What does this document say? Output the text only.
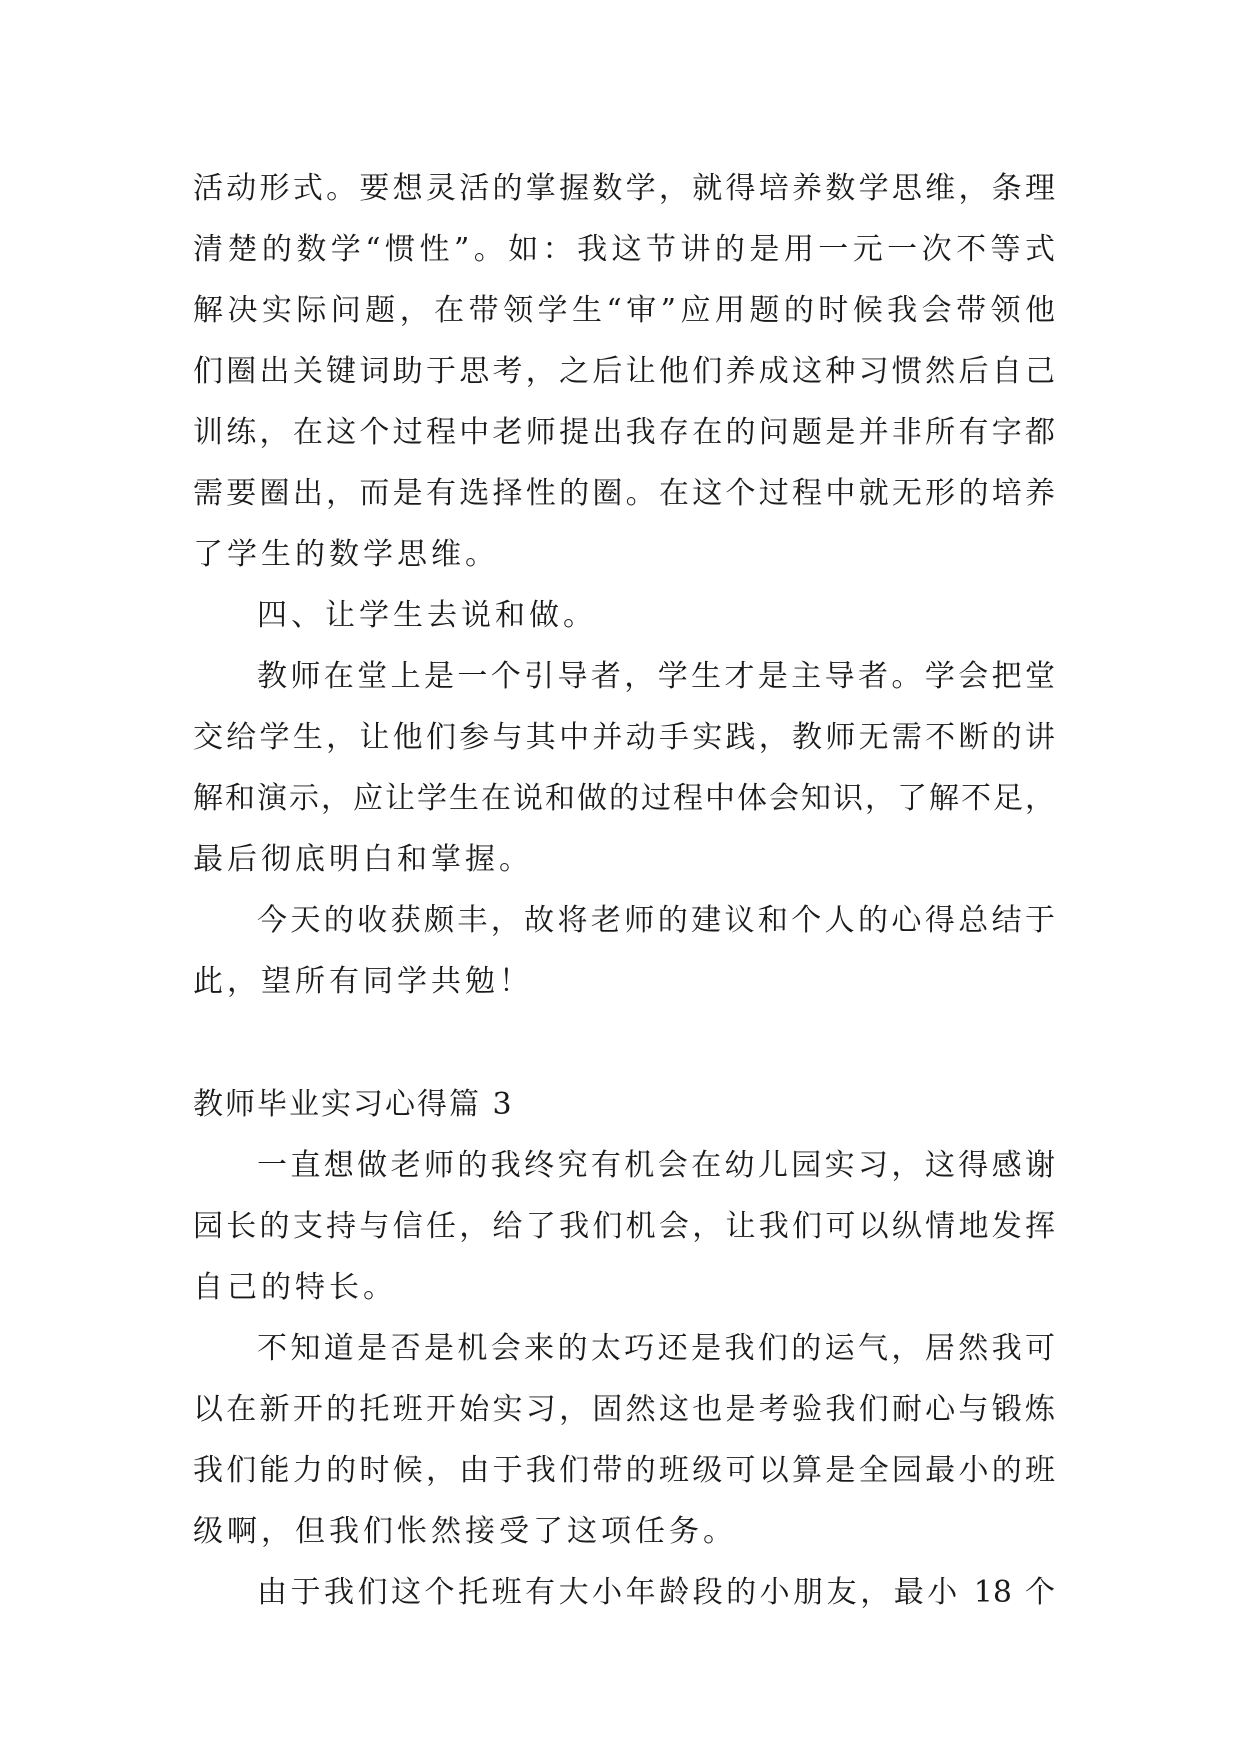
活动形式。要想灵活的掌握数学，就得培养数学思维，条理
清楚的数学“惯性”。如：我这节讲的是用一元一次不等式
解决实际问题，在带领学生“审”应用题的时候我会带领他
们圈出关键词助于思考，之后让他们养成这种习惯然后自己
训练，在这个过程中老师提出我存在的问题是并非所有字都
需要圈出，而是有选择性的圈。在这个过程中就无形的培养
了学生的数学思维。
四、让学生去说和做。
教师在堂上是一个引导者，学生才是主导者。学会把堂
交给学生，让他们参与其中并动手实践，教师无需不断的讲
解和演示，应让学生在说和做的过程中体会知识，了解不足，
最后彻底明白和掌握。
今天的收获颇丰，故将老师的建议和个人的心得总结于
此，望所有同学共勉！
教师毕业实习心得篇 3
一直想做老师的我终究有机会在幼儿园实习，这得感谢
园长的支持与信任，给了我们机会，让我们可以纵情地发挥
自己的特长。
不知道是否是机会来的太巧还是我们的运气，居然我可
以在新开的托班开始实习，固然这也是考验我们耐心与锻炼
我们能力的时候，由于我们带的班级可以算是全园最小的班
级啊，但我们怅然接受了这项任务。
由于我们这个托班有大小年龄段的小朋友，最小 18 个
